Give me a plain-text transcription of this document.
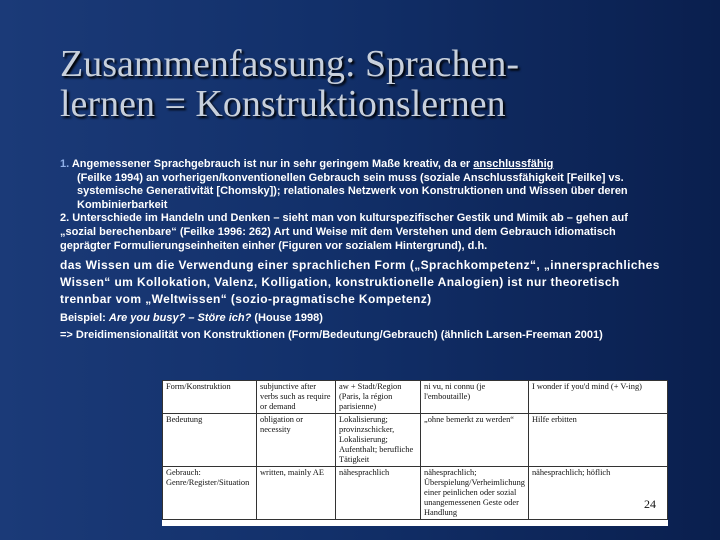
Zusammenfassung: Sprachen-
lernen = Konstruktionslernen

1. Angemessener Sprachgebrauch ist nur in sehr geringem Maße kreativ, da er anschlussfähig
(Feilke 1994) an vorherigen/konventionellen Gebrauch sein muss (soziale Anschlussfähigkeit [Feilke] vs. systemische Generativität [Chomsky]); relationales Netzwerk von Konstruktionen und Wissen über deren Kombinierbarkeit

2. Unterschiede im Handeln und Denken – sieht man von kulturspezifischer Gestik und Mimik ab – gehen auf „sozial berechenbare“ (Feilke 1996: 262) Art und Weise mit dem Verstehen und dem Gebrauch idiomatisch geprägter Formulierungseinheiten einher (Figuren vor sozialem Hintergrund), d.h.

das Wissen um die Verwendung einer sprachlichen Form („Sprachkompetenz“, „innersprachliches Wissen“ um Kollokation, Valenz, Kolligation, konstruktionelle Analogien) ist nur theoretisch trennbar vom „Weltwissen“ (sozio-pragmatische Kompetenz)

Beispiel: Are you busy? – Störe ich? (House 1998)

=> Dreidimensionalität von Konstruktionen (Form/Bedeutung/Gebrauch) (ähnlich Larsen-Freeman 2001)

Form/Konstruktion	subjunctive after verbs such as require or demand	aw + Stadt/Region (Paris, la région parisienne)	ni vu, ni connu (je l'emboutaille)	I wonder if you'd mind (+ V-ing)
Bedeutung	obligation or necessity	Lokalisierung; provinzschicker, Lokalisierung; Aufenthalt; berufliche Tätigkeit	„ohne bemerkt zu werden“	Hilfe erbitten
Gebrauch: Genre/Register/Situation	written, mainly AE	nähesprachlich	nähesprachlich; Überspielung/Verheimlichung einer peinlichen oder sozial unangemessenen Geste oder Handlung	nähesprachlich; höflich
24
